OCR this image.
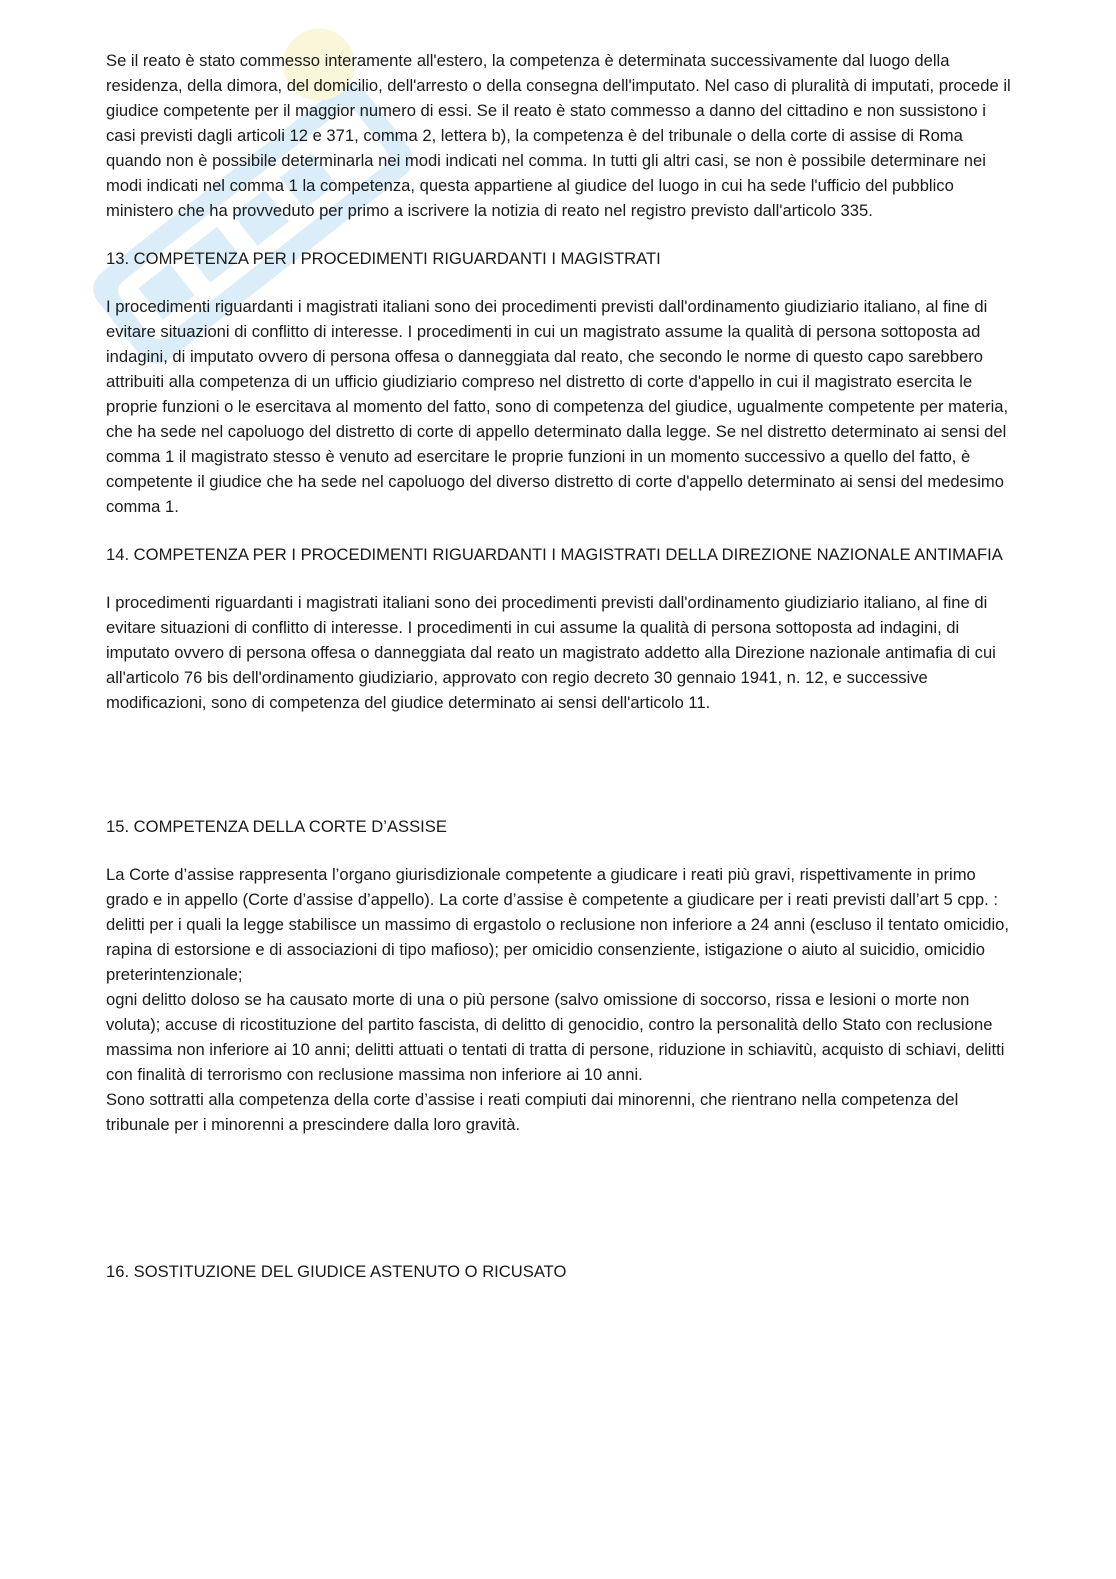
Se il reato è stato commesso interamente all'estero, la competenza è determinata successivamente dal luogo della residenza, della dimora, del domicilio, dell'arresto o della consegna dell'imputato. Nel caso di pluralità di imputati, procede il giudice competente per il maggior numero di essi. Se il reato è stato commesso a danno del cittadino e non sussistono i casi previsti dagli articoli 12 e 371, comma 2, lettera b), la competenza è del tribunale o della corte di assise di Roma quando non è possibile determinarla nei modi indicati nel comma. In tutti gli altri casi, se non è possibile determinare nei modi indicati nel comma 1 la competenza, questa appartiene al giudice del luogo in cui ha sede l'ufficio del pubblico ministero che ha provveduto per primo a iscrivere la notizia di reato nel registro previsto dall'articolo 335.

13. COMPETENZA PER I PROCEDIMENTI RIGUARDANTI I MAGISTRATI

I procedimenti riguardanti i magistrati italiani sono dei procedimenti previsti dall'ordinamento giudiziario italiano, al fine di evitare situazioni di conflitto di interesse. I procedimenti in cui un magistrato assume la qualità di persona sottoposta ad indagini, di imputato ovvero di persona offesa o danneggiata dal reato, che secondo le norme di questo capo sarebbero attribuiti alla competenza di un ufficio giudiziario compreso nel distretto di corte d'appello in cui il magistrato esercita le proprie funzioni o le esercitava al momento del fatto, sono di competenza del giudice, ugualmente competente per materia, che ha sede nel capoluogo del distretto di corte di appello determinato dalla legge. Se nel distretto determinato ai sensi del comma 1 il magistrato stesso è venuto ad esercitare le proprie funzioni in un momento successivo a quello del fatto, è competente il giudice che ha sede nel capoluogo del diverso distretto di corte d'appello determinato ai sensi del medesimo comma 1.

14. COMPETENZA PER I PROCEDIMENTI RIGUARDANTI I MAGISTRATI DELLA DIREZIONE NAZIONALE ANTIMAFIA

I procedimenti riguardanti i magistrati italiani sono dei procedimenti previsti dall'ordinamento giudiziario italiano, al fine di evitare situazioni di conflitto di interesse. I procedimenti in cui assume la qualità di persona sottoposta ad indagini, di imputato ovvero di persona offesa o danneggiata dal reato un magistrato addetto alla Direzione nazionale antimafia di cui all'articolo 76 bis dell'ordinamento giudiziario, approvato con regio decreto 30 gennaio 1941, n. 12, e successive modificazioni, sono di competenza del giudice determinato ai sensi dell'articolo 11.

15. COMPETENZA DELLA CORTE D’ASSISE

La Corte d’assise rappresenta l’organo giurisdizionale competente a giudicare i reati più gravi, rispettivamente in primo grado e in appello (Corte d’assise d’appello). La corte d’assise è competente a giudicare per i reati previsti dall’art 5 cpp. : delitti per i quali la legge stabilisce un massimo di ergastolo o reclusione non inferiore a 24 anni (escluso il tentato omicidio, rapina di estorsione e di associazioni di tipo mafioso); per omicidio consenziente, istigazione o aiuto al suicidio, omicidio preterintenzionale;

ogni delitto doloso se ha causato morte di una o più persone (salvo omissione di soccorso, rissa e lesioni o morte non voluta); accuse di ricostituzione del partito fascista, di delitto di genocidio, contro la personalità dello Stato con reclusione massima non inferiore ai 10 anni; delitti attuati o tentati di tratta di persone, riduzione in schiavitù, acquisto di schiavi, delitti con finalità di terrorismo con reclusione massima non inferiore ai 10 anni.

Sono sottratti alla competenza della corte d’assise i reati compiuti dai minorenni, che rientrano nella competenza del tribunale per i minorenni a prescindere dalla loro gravità.

16. SOSTITUZIONE DEL GIUDICE ASTENUTO O RICUSATO
